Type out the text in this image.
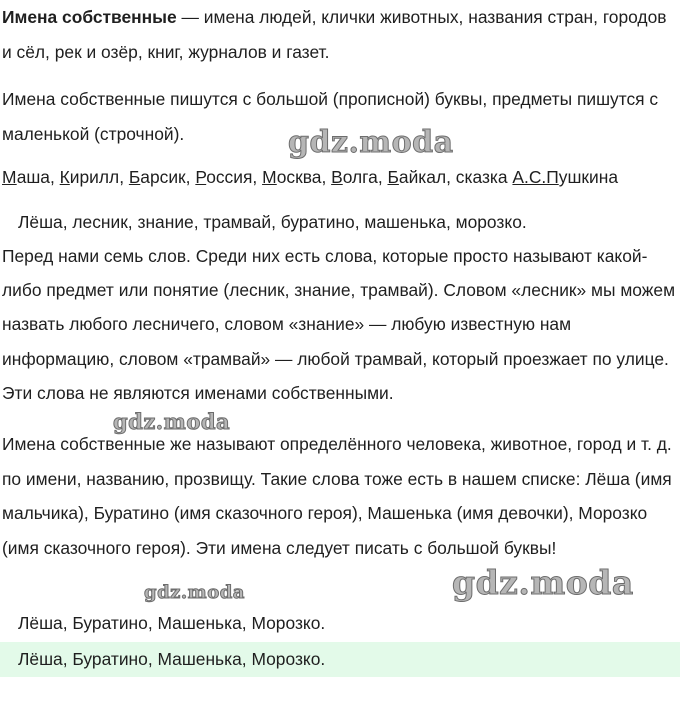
Имена собственные — имена людей, клички животных, названия стран, городов и сёл, рек и озёр, книг, журналов и газет.

Имена собственные пишутся с большой (прописной) буквы, предметы пишутся с маленькой (строчной).

Маша, Кирилл, Барсик, Россия, Москва, Волга, Байкал, сказка А.С.Пушкина

Лёша, лесник, знание, трамвай, буратино, машенька, морозко.

Перед нами семь слов. Среди них есть слова, которые просто называют какой-либо предмет или понятие (лесник, знание, трамвай). Словом «лесник» мы можем назвать любого лесничего, словом «знание» — любую известную нам информацию, словом «трамвай» — любой трамвай, который проезжает по улице. Эти слова не являются именами собственными.

Имена собственные же называют определённого человека, животное, город и т. д. по имени, названию, прозвищу. Такие слова тоже есть в нашем списке: Лёша (имя мальчика), Буратино (имя сказочного героя), Машенька (имя девочки), Морозко (имя сказочного героя). Эти имена следует писать с большой буквы!

Лёша, Буратино, Машенька, Морозко.

Лёша, Буратино, Машенька, Морозко.

gdz.moda
gdz.moda
gdz.moda	gdz.moda
